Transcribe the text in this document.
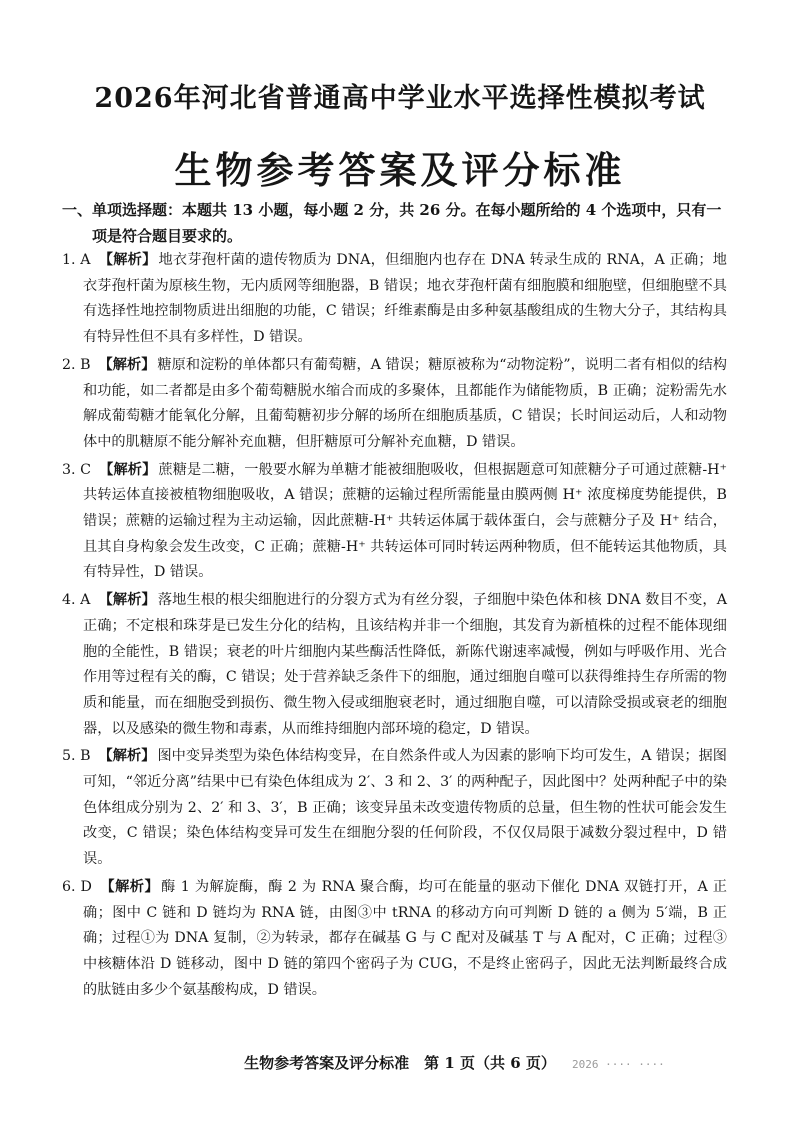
2026年河北省普通高中学业水平选择性模拟考试
生物参考答案及评分标准
一、单项选择题：本题共 13 小题，每小题 2 分，共 26 分。在每小题所给的 4 个选项中，只有一项是符合题目要求的。

1. A 【解析】 地衣芽孢杆菌的遗传物质为 DNA，但细胞内也存在 DNA 转录生成的 RNA，A 正确；地衣芽孢杆菌为原核生物，无内质网等细胞器，B 错误；地衣芽孢杆菌有细胞膜和细胞壁，但细胞壁不具有选择性地控制物质进出细胞的功能，C 错误；纤维素酶是由多种氨基酸组成的生物大分子，其结构具有特异性但不具有多样性，D 错误。

2. B 【解析】 糖原和淀粉的单体都只有葡萄糖，A 错误；糖原被称为“动物淀粉”，说明二者有相似的结构和功能，如二者都是由多个葡萄糖脱水缩合而成的多聚体，且都能作为储能物质，B 正确；淀粉需先水解成葡萄糖才能氧化分解，且葡萄糖初步分解的场所在细胞质基质，C 错误；长时间运动后，人和动物体中的肌糖原不能分解补充血糖，但肝糖原可分解补充血糖，D 错误。

3. C 【解析】 蔗糖是二糖，一般要水解为单糖才能被细胞吸收，但根据题意可知蔗糖分子可通过蔗糖-H⁺ 共转运体直接被植物细胞吸收，A 错误；蔗糖的运输过程所需能量由膜两侧 H⁺ 浓度梯度势能提供，B 错误；蔗糖的运输过程为主动运输，因此蔗糖-H⁺ 共转运体属于载体蛋白，会与蔗糖分子及 H⁺ 结合，且其自身构象会发生改变，C 正确；蔗糖-H⁺ 共转运体可同时转运两种物质，但不能转运其他物质，具有特异性，D 错误。

4. A 【解析】 落地生根的根尖细胞进行的分裂方式为有丝分裂，子细胞中染色体和核 DNA 数目不变，A 正确；不定根和珠芽是已发生分化的结构，且该结构并非一个细胞，其发育为新植株的过程不能体现细胞的全能性，B 错误；衰老的叶片细胞内某些酶活性降低，新陈代谢速率减慢，例如与呼吸作用、光合作用等过程有关的酶，C 错误；处于营养缺乏条件下的细胞，通过细胞自噬可以获得维持生存所需的物质和能量，而在细胞受到损伤、微生物入侵或细胞衰老时，通过细胞自噬，可以清除受损或衰老的细胞器，以及感染的微生物和毒素，从而维持细胞内部环境的稳定，D 错误。

5. B 【解析】 图中变异类型为染色体结构变异，在自然条件或人为因素的影响下均可发生，A 错误；据图可知，“邻近分离”结果中已有染色体组成为 2′、3 和 2、3′ 的两种配子，因此图中？处两种配子中的染色体组成分别为 2、2′ 和 3、3′，B 正确；该变异虽未改变遗传物质的总量，但生物的性状可能会发生改变，C 错误；染色体结构变异可发生在细胞分裂的任何阶段，不仅仅局限于减数分裂过程中，D 错误。

6. D 【解析】 酶 1 为解旋酶，酶 2 为 RNA 聚合酶，均可在能量的驱动下催化 DNA 双链打开，A 正确；图中 C 链和 D 链均为 RNA 链，由图③中 tRNA 的移动方向可判断 D 链的 a 侧为 5′端，B 正确；过程①为 DNA 复制，②为转录，都存在碱基 G 与 C 配对及碱基 T 与 A 配对，C 正确；过程③中核糖体沿 D 链移动，图中 D 链的第四个密码子为 CUG，不是终止密码子，因此无法判断最终合成的肽链由多少个氨基酸构成，D 错误。

生物参考答案及评分标准　第 1 页（共 6 页）	2026 ···· ····
